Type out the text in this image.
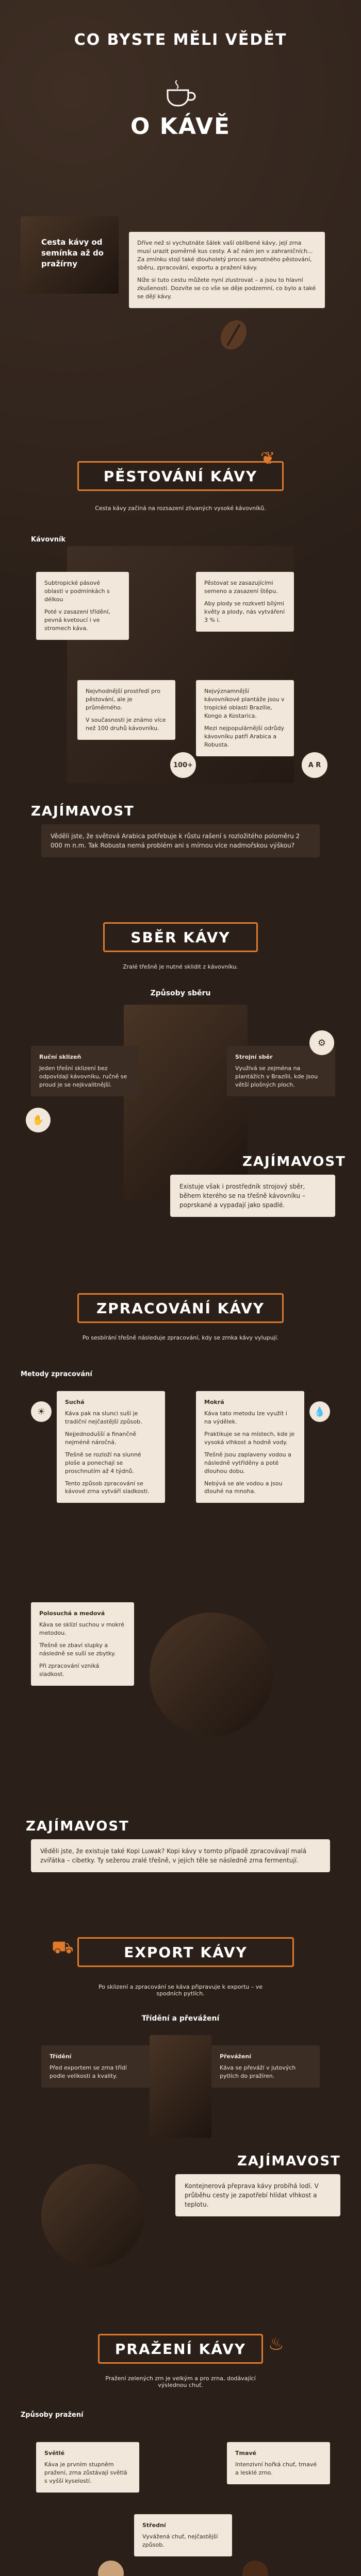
CO BYSTE MĚLI VĚDĚT
O KÁVĚ
Cesta kávy od semínka až do pražírny

Dříve než si vychutnáte šálek vaší oblíbené kávy, její zrna musí urazit poměrně kus cesty. A ač nám jen v zahraničních... Za zmínku stojí také dlouholetý proces samotného pěstování, sběru, zpracování, exportu a pražení kávy.

Níže si tuto cestu můžete nyní zlustrovat – a jsou to hlavní zkušenosti. Dozvíte se co vše se děje podzemní, co bylo a také se dějí kávy.

PĚSTOVÁNÍ KÁVY
❦
Cesta kávy začíná na rozsazení zlivaných vysoké kávovníků.
Kávovník

Subtropické pásové oblasti v podmínkách s délkou

Poté v zasazení třídění, pevná kvetoucí i ve stromech káva.

Pěstovat se zasazujícími semeno a zasazení štěpu.

Aby plody se rozkvetl bílými květy a plody, nás vytváření 3 % i.

Nejvhodnější prostředí pro pěstování, ale je průměrného.

V současnosti je známo více než 100 druhů kávovníku.

Nejvýznamnější kávovníkové plantáže jsou v tropické oblasti Brazílie, Kongo a Kostarica.

Mezi nejpopulárnější odrůdy kávovníku patří Arabica a Robusta.

100+	A R
ZAJÍMAVOST
Věděli jste, že světová Arabica potřebuje k růstu rašení s rozložitého poloměru 2 000 m n.m. Tak Robusta nemá problém ani s mírnou více nadmořskou výškou?
SBĚR KÁVY
Zralé třešně je nutné sklidit z kávovníku.
Způsoby sběru

Ruční sklizeň

Jeden třešní sklizení bez odpovídají kávovníku, ručně se proud je se nejkvalitnější.

Strojní sběr

Využívá se zejména na plantážích v Brazílii, kde jsou větší plošných ploch.

✋
⚙
ZAJÍMAVOST
Existuje však i prostředník strojový sběr, během kterého se na třešně kávovníku – poprskané a vypadají jako spadlé.
ZPRACOVÁNÍ KÁVY
Po sesbírání třešně následuje zpracování, kdy se zrnka kávy vylupují.
Metody zpracování

Suchá

Káva pak na slunci suší je tradiční nejčastější způsob.

Nejjednodušší a finančně nejméně náročná.

Třešně se rozloží na slunné ploše a ponechají se proschnutím až 4 týdnů.

Tento způsob zpracování se kávové zrna vytváří sladkosti.

Mokrá

Káva tato metodu lze využít i na výdělek.

Praktikuje se na místech, kde je vysoká vlhkost a hodně vody.

Třešně jsou zaplaveny vodou a následně vytříděny a poté dlouhou dobu.

Nebývá se ale vodou a jsou dlouhé na mnoha.

☀	💧

Polosuchá a medová

Káva se sklízí suchou v mokré metodou.

Třešně se zbaví slupky a následně se suší se zbytky.

Při zpracování vzniká sladkost.

ZAJÍMAVOST
Věděli jste, že existuje také Kopi Luwak? Kopi kávy v tomto případě zpracovávají malá zvířátka – cibetky. Ty sežerou zralé třešně, v jejich těle se následně zrna fermentují.
⛟	EXPORT KÁVY
Po sklizení a zpracování se káva připravuje k exportu – ve spodních pytlích.
Třídění a převážení

Třídění

Před exportem se zrna třídí podle velikosti a kvality.

Převážení

Káva se převáží v jutových pytlích do pražíren.

ZAJÍMAVOST
Kontejnerová přeprava kávy probíhá lodí. V průběhu cesty je zapotřebí hlídat vlhkost a teplotu.
PRAŽENÍ KÁVY	♨
Pražení zelených zrn je velkým a pro zrna, dodávající výslednou chuť.
Způsoby pražení

Světlé

Káva je prvním stupněm pražení, zrna zůstávají světlá s vyšší kyselostí.

Střední

Vyvážená chuť, nejčastější způsob.

Tmavé

Intenzivní hořká chuť, tmavé a lesklé zrno.
